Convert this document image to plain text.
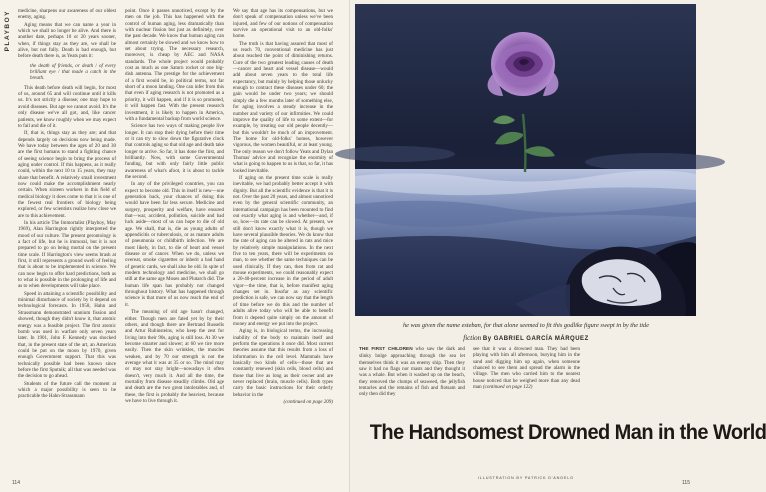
PLAYBOY	medicine, sharpens our awareness of our oldest enemy, aging.

Aging means that we can name a year in which we shall no longer be alive. And there is another date, perhaps 10 or 20 years sooner, when, if things stay as they are, we shall be alive, but not fully. Death is bad enough, but before death there is, as Yeats puts it:

the death of friends, or death / of every brilliant eye / that made a catch in the breath.

This death before death will begin, for most of us, around 65 and will continue until it kills us. It's not strictly a disease; one may hope to avoid diseases. But age we cannot avoid. It's the only disease we've all got, and, like cancer patients, we know roughly when we may expect to fail and die of it.

If, that is, things stay as they are; and that depends largely on decisions now being made. We have today between the ages of 20 and 30 are the first humans to stand a fighting chance of seeing science begin to bring the process of aging under control. If this happens, as it really could, within the next 10 to 15 years, they may share that benefit. A relatively small investment now could make the accomplishment nearly certain. When sixteen workers in this field of medical biology it does come to that it is one of the fewest real frontiers of biology being explored, or few scientists realize how close we are to this achievement.

In his article The Immortalist (Playboy, May 1969), Alan Harrington rightly interpreted the mood of our culture. The present gerontology is a fact of life, but he is immoral, but it is not prepared to go on being mortal on the present time scale. If Harrington's view seems brash at first, it still represents a ground swell of feeling that is about to be implemented in science. We can now begin to offer hard predictions, both as to what is possible in the prolonging of life and as to when developments will take place.

Speed in attaining a scientific possibility and minimal disturbance of society by it depend on technological forecasts. In 1958, Hahn and Strassmann demonstrated uranium fission and showed, though they didn't know it, that atomic energy was a feasible project. The first atomic bomb was used in warfare only seven years later. In 1901, John F. Kennedy was shocked that, in the present state of the art, an American could be put on the moon by 1970, given enough Government support. That this was technically possible had been known since before the first Sputnik; all that was needed was the decision to go ahead.

Students of the future call the moment at which a major possibility is seen to be practicable the Hahn-Strassmann

point. Once it passes unnoticed, except by the men on the job. This has happened with the control of human aging, less dramatically than with nuclear fission but just as definitely, over the past decade. We know that human aging can almost certainly be slowed and we know how to set about trying. The necessary research, moreover, is cheap by AEC and NASA standards. The whole project would probably cost as much as one Saturn rocket or one big-dish antenna. The prestige for the achievement of a first would be, in political terms, not far short of a moon landing. One can infer from this that even if aging research is not promoted as a priority, it will happen, and if it is so promoted, it will happen fast. With the present research investment, it is likely to happen in America, with a fundamental backup from world science.

Science has two ways of making people live longer. It can stop their dying before their time or it can try to slow down the figurative clock that controls aging so that old age and death take longer to arrive. So far, it has done the first, and brilliantly. Now, with some Governmental funding, but with only fairly little public awareness of what's afoot, it is about to tackle the second.

In any of the privileged countries, you can expect to become old. This in itself is new—one generation back, your chances of doing this would have been far less secure. Medicine and surgery, prosperity and welfare, have ensured that—war, accident, pollution, suicide and bad luck aside—most of us can hope to die of old age. We shall, that is, die as young adults of appendicitis or tuberculosis, or as mature adults of pneumonia or childbirth infection. We are most likely, in fact, to die of heart and vessel disease or of cancer. When we do, unless we overeat, smoke cigarettes or inherit a bad hand of genetic cards, we shall also be old. In spite of modern technology and medicine, we shall go still at the same age Moses and Plutarch did. The human life span has probably not changed throughout history. What has happened through science is that more of us now reach the end of it.

The meaning of old age hasn't changed, either. Though men are fated yet by by their others, and though there are Bertrand Russells and Artur Rubinsteins, who keep the zest for living into their 90s, aging is still loss. At 30 we become smarter and slower; at 60 we tire more easily. Then the skin wrinkles, the muscles weaken, and by 70 our strength is not the average what it was at 35 or so. The mind may or may not stay bright—nowadays it often doesn't, very much it. And all the time, the mortality from disease steadily climbs. Old age and death are the two great intolerables and, of these, the first is probably the heaviest, because we have to live through it.

We say that age has its compensations, but we don't speak of compensation unless we've been injured, and few of our notions of compensation survive an operational visit to an old-folks' home.

The truth is that having assured that most of us reach 70, conventional medicine has just about reached the point of diminishing returns. Cure of the two greatest leading causes of death—cancer and heart and vessel disease—would add about seven years to the total life expectancy, but mainly by helping those unlucky enough to contract these diseases under 60; the gain would be under two years; we should simply die a few months later of something else, for aging involves a steady increase in the number and variety of our infirmities. We could improve the quality of life to some extent—for example, by treating our old people decently—but this wouldn't be much of an improvement. The home for old-folks' homes, however vigorous, the women beautiful, or at least young. The only reason we don't follow Yeats and Dylan Thomas' advice and recognize the enormity of what is going to happen to us is that, so far, it has looked inevitable.

If aging on the present time scale is really inevitable, we had probably better accept it with dignity. But all the scientific evidence is that it is not. Over the past 20 years, and almost unnoticed even by the general scientific community, an international campaign has been mounted to find out exactly what aging is and whether—and, if so, how—its rate can be slowed. At present, we still don't know exactly what it is, though we have several plausible theories. We do know that the rate of aging can be altered in rats and mice by relatively simple manipulations. In the next five to ten years, there will be experiments on man, to see whether the same techniques can be used clinically. If they can, then from rat and mouse experiments, we could reasonably expect a 20-40-percent increase in the period of adult vigor—the time, that is, before manifest aging changes set in. Insofar as any scientific prediction is safe, we can now say that the length of time before we do this and the number of adults alive today who will be able to benefit from it depend quite simply on the amount of money and energy we put into the project.

Aging is, in biological terms, the increasing inability of the body to maintain itself and perform the operations it once did. Most current theories assume that this results from a loss of information in the cell level. Mammals have basically two kinds of cells—those that are constantly renewed (skin cells, blood cells) and those that live as long as their owner and are never replaced (brain, muscle cells). Both types carry the basic instructions for their orderly behavior in the

(continued on page 209)

114
he was given the name esteban, for that alone seemed to fit this godlike figure swept in by the tide
fiction By GABRIEL GARCÍA MÁRQUEZ
THE FIRST CHILDREN who saw the dark and slinky bulge approaching through the sea let themselves think it was an enemy ship. Then they saw it had no flags nor masts and they thought it was a whale. But when it washed up on the beach, they removed the clumps of seaweed, the jellyfish tentacles and the remains of fish and flotsam and only then did they
see that it was a drowned man. They had been playing with him all afternoon, burying him in the sand and digging him up again, when someone chanced to see them and spread the alarm in the village. The men who carried him to the nearest house noticed that he weighed more than any dead man (continued on page 122)
The Handsomest Drowned Man in the World
ILLUSTRATION BY PATRICK D'ANGELO
115
